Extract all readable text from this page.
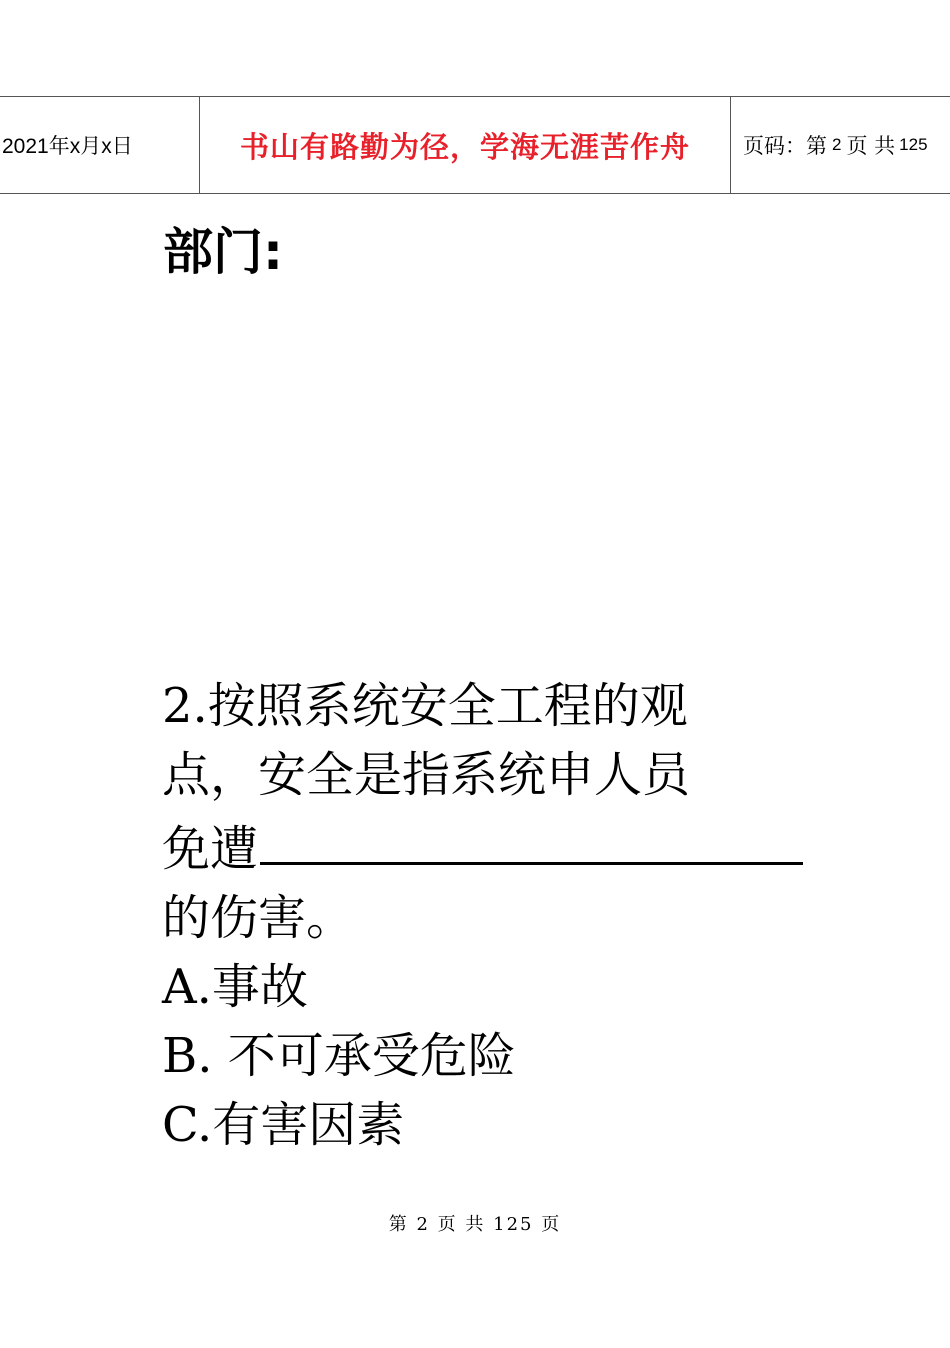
2021年x月x日	书山有路勤为径，学海无涯苦作舟	页码：第 2 页 共 125
部门:
2.按照系统安全工程的观
点，安全是指系统申人员
免遭
的伤害。
A.事故
B. 不可承受危险
C.有害因素
第 2 页 共 125 页
